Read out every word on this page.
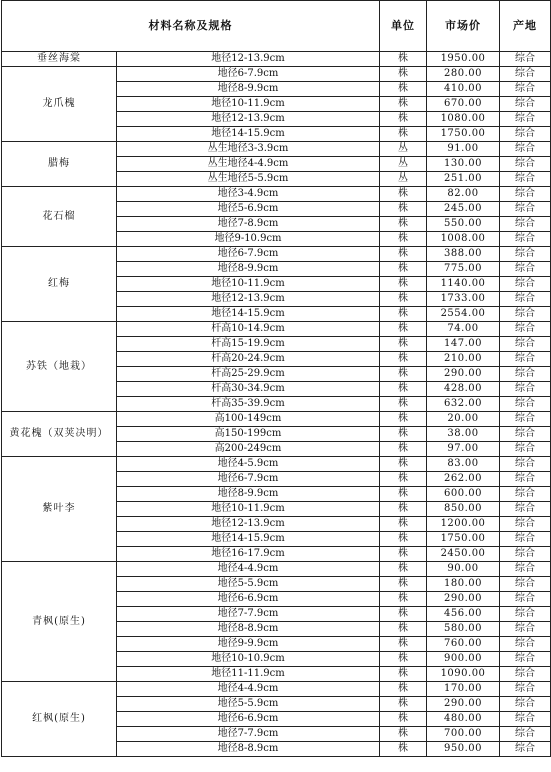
材料名称及规格		单位	市场价	产地
垂丝海棠	地径12-13.9cm	株	1950.00	综合
龙爪槐	地径6-7.9cm	株	280.00	综合
	地径8-9.9cm	株	410.00	综合
	地径10-11.9cm	株	670.00	综合
	地径12-13.9cm	株	1080.00	综合
	地径14-15.9cm	株	1750.00	综合
腊梅	丛生地径3-3.9cm	丛	91.00	综合
	丛生地径4-4.9cm	丛	130.00	综合
	丛生地径5-5.9cm	丛	251.00	综合
花石榴	地径3-4.9cm	株	82.00	综合
	地径5-6.9cm	株	245.00	综合
	地径7-8.9cm	株	550.00	综合
	地径9-10.9cm	株	1008.00	综合
红梅	地径6-7.9cm	株	388.00	综合
	地径8-9.9cm	株	775.00	综合
	地径10-11.9cm	株	1140.00	综合
	地径12-13.9cm	株	1733.00	综合
	地径14-15.9cm	株	2554.00	综合
苏铁（地栽）	杆高10-14.9cm	株	74.00	综合
	杆高15-19.9cm	株	147.00	综合
	杆高20-24.9cm	株	210.00	综合
	杆高25-29.9cm	株	290.00	综合
	杆高30-34.9cm	株	428.00	综合
	杆高35-39.9cm	株	632.00	综合
黄花槐（双荚决明）	高100-149cm	株	20.00	综合
	高150-199cm	株	38.00	综合
	高200-249cm	株	97.00	综合
紫叶李	地径4-5.9cm	株	83.00	综合
	地径6-7.9cm	株	262.00	综合
	地径8-9.9cm	株	600.00	综合
	地径10-11.9cm	株	850.00	综合
	地径12-13.9cm	株	1200.00	综合
	地径14-15.9cm	株	1750.00	综合
	地径16-17.9cm	株	2450.00	综合
青枫(原生)	地径4-4.9cm	株	90.00	综合
	地径5-5.9cm	株	180.00	综合
	地径6-6.9cm	株	290.00	综合
	地径7-7.9cm	株	456.00	综合
	地径8-8.9cm	株	580.00	综合
	地径9-9.9cm	株	760.00	综合
	地径10-10.9cm	株	900.00	综合
	地径11-11.9cm	株	1090.00	综合
红枫(原生)	地径4-4.9cm	株	170.00	综合
	地径5-5.9cm	株	290.00	综合
	地径6-6.9cm	株	480.00	综合
	地径7-7.9cm	株	700.00	综合
	地径8-8.9cm	株	950.00	综合
